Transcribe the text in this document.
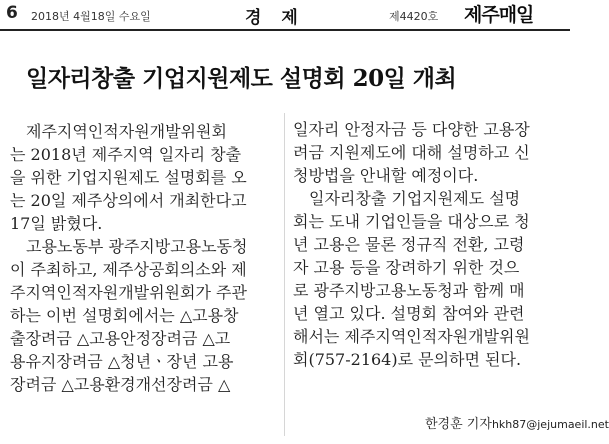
6 2018년 4월18일 수요일	경 제	제4420호 제주매일
일자리창출 기업지원제도 설명회 20일 개최
　제주지역인적자원개발위원회
는 2018년 제주지역 일자리 창출
을 위한 기업지원제도 설명회를 오
는 20일 제주상의에서 개최한다고
17일 밝혔다.
　고용노동부 광주지방고용노동청
이 주최하고, 제주상공회의소와 제
주지역인적자원개발위원회가 주관
하는 이번 설명회에서는 △고용창
출장려금 △고용안정장려금 △고
용유지장려금 △청년ㆍ장년 고용
장려금 △고용환경개선장려금 △
일자리 안정자금 등 다양한 고용장
려금 지원제도에 대해 설명하고 신
청방법을 안내할 예정이다.
　일자리창출 기업지원제도 설명
회는 도내 기업인들을 대상으로 청
년 고용은 물론 정규직 전환, 고령
자 고용 등을 장려하기 위한 것으
로 광주지방고용노동청과 함께 매
년 열고 있다. 설명회 참여와 관련
해서는 제주지역인적자원개발위원
회(757-2164)로 문의하면 된다.
한경훈 기자hkh87@jejumaeil.net
